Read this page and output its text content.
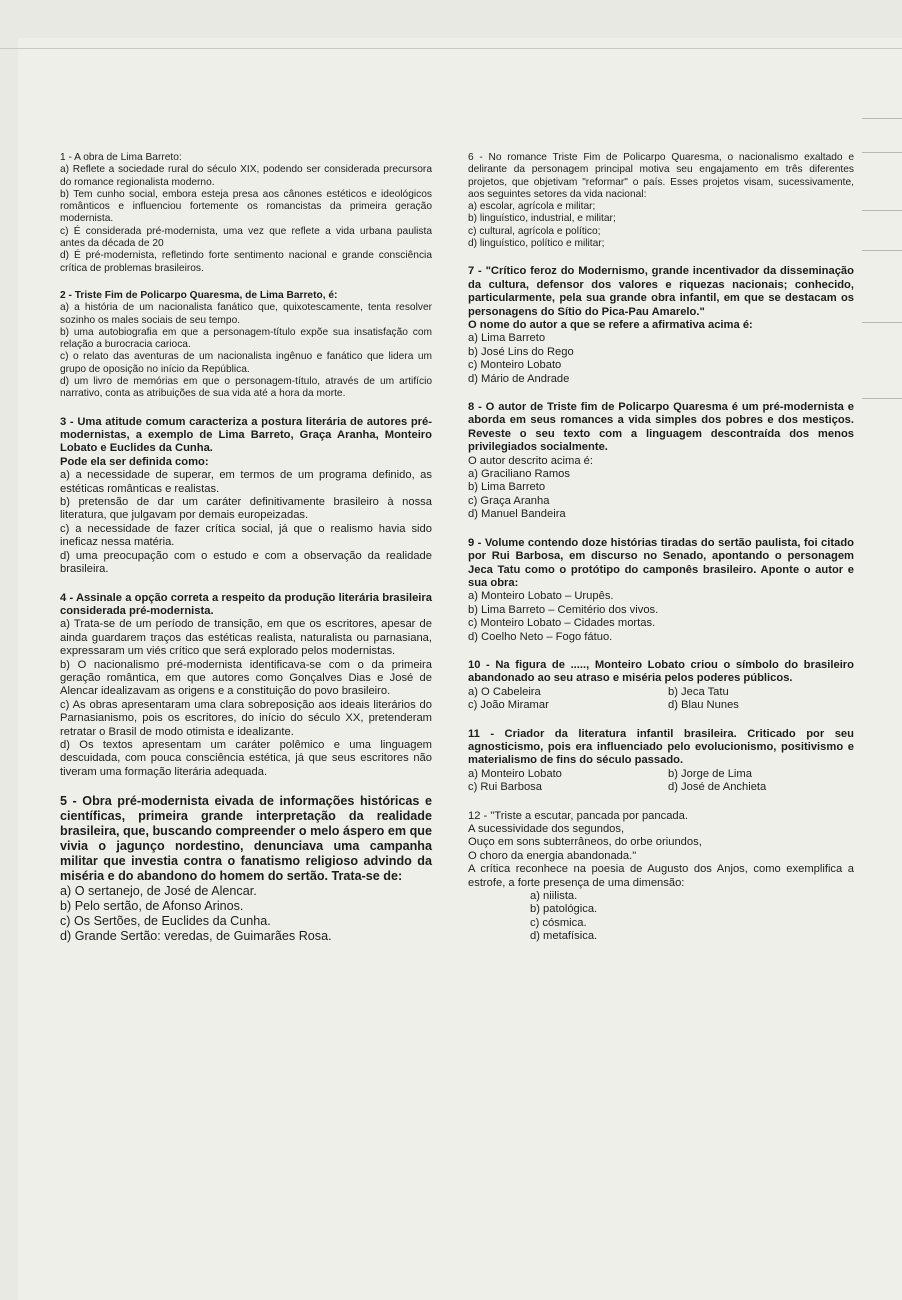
1 - A obra de Lima Barreto:

a) Reflete a sociedade rural do século XIX, podendo ser considerada precursora do romance regionalista moderno.

b) Tem cunho social, embora esteja presa aos cânones estéticos e ideológicos românticos e influenciou fortemente os romancistas da primeira geração modernista.

c) É considerada pré-modernista, uma vez que reflete a vida urbana paulista antes da década de 20

d) É pré-modernista, refletindo forte sentimento nacional e grande consciência crítica de problemas brasileiros.

2 - Triste Fim de Policarpo Quaresma, de Lima Barreto, é:

a) a história de um nacionalista fanático que, quixotescamente, tenta resolver sozinho os males sociais de seu tempo.

b) uma autobiografia em que a personagem-título expõe sua insatisfação com relação a burocracia carioca.

c) o relato das aventuras de um nacionalista ingênuo e fanático que lidera um grupo de oposição no início da República.

d) um livro de memórias em que o personagem-título, através de um artifício narrativo, conta as atribuições de sua vida até a hora da morte.

3 - Uma atitude comum caracteriza a postura literária de autores pré-modernistas, a exemplo de Lima Barreto, Graça Aranha, Monteiro Lobato e Euclides da Cunha.

Pode ela ser definida como:

a) a necessidade de superar, em termos de um programa definido, as estéticas românticas e realistas.

b) pretensão de dar um caráter definitivamente brasileiro à nossa literatura, que julgavam por demais europeizadas.

c) a necessidade de fazer crítica social, já que o realismo havia sido ineficaz nessa matéria.

d) uma preocupação com o estudo e com a observação da realidade brasileira.

4 - Assinale a opção correta a respeito da produção literária brasileira considerada pré-modernista.

a) Trata-se de um período de transição, em que os escritores, apesar de ainda guardarem traços das estéticas realista, naturalista ou parnasiana, expressaram um viés crítico que será explorado pelos modernistas.

b) O nacionalismo pré-modernista identificava-se com o da primeira geração romântica, em que autores como Gonçalves Dias e José de Alencar idealizavam as origens e a constituição do povo brasileiro.

c) As obras apresentaram uma clara sobreposição aos ideais literários do Parnasianismo, pois os escritores, do início do século XX, pretenderam retratar o Brasil de modo otimista e idealizante.

d) Os textos apresentam um caráter polêmico e uma linguagem descuidada, com pouca consciência estética, já que seus escritores não tiveram uma formação literária adequada.

5 - Obra pré-modernista eivada de informações históricas e científicas, primeira grande interpretação da realidade brasileira, que, buscando compreender o melo áspero em que vivia o jagunço nordestino, denunciava uma campanha militar que investia contra o fanatismo religioso advindo da miséria e do abandono do homem do sertão. Trata-se de:

a) O sertanejo, de José de Alencar.

b) Pelo sertão, de Afonso Arinos.

c) Os Sertões, de Euclides da Cunha.

d) Grande Sertão: veredas, de Guimarães Rosa.

6 - No romance Triste Fim de Policarpo Quaresma, o nacionalismo exaltado e delirante da personagem principal motiva seu engajamento em três diferentes projetos, que objetivam "reformar" o país. Esses projetos visam, sucessivamente, aos seguintes setores da vida nacional:

a) escolar, agrícola e militar;

b) linguístico, industrial, e militar;

c) cultural, agrícola e político;

d) linguístico, político e militar;

7 - "Crítico feroz do Modernismo, grande incentivador da disseminação da cultura, defensor dos valores e riquezas nacionais; conhecido, particularmente, pela sua grande obra infantil, em que se destacam os personagens do Sítio do Pica-Pau Amarelo."

O nome do autor a que se refere a afirmativa acima é:

a) Lima Barreto

b) José Lins do Rego

c) Monteiro Lobato

d) Mário de Andrade

8 - O autor de Triste fim de Policarpo Quaresma é um pré-modernista e aborda em seus romances a vida simples dos pobres e dos mestiços. Reveste o seu texto com a linguagem descontraída dos menos privilegiados socialmente.

O autor descrito acima é:

a) Graciliano Ramos

b) Lima Barreto

c) Graça Aranha

d) Manuel Bandeira

9 - Volume contendo doze histórias tiradas do sertão paulista, foi citado por Rui Barbosa, em discurso no Senado, apontando o personagem Jeca Tatu como o protótipo do camponês brasileiro. Aponte o autor e sua obra:

a) Monteiro Lobato – Urupês.

b) Lima Barreto – Cemitério dos vivos.

c) Monteiro Lobato – Cidades mortas.

d) Coelho Neto – Fogo fátuo.

10 - Na figura de ....., Monteiro Lobato criou o símbolo do brasileiro abandonado ao seu atraso e miséria pelos poderes públicos.

a) O Cabeleira	b) Jeca Tatu

c) João Miramar	d) Blau Nunes

11 - Criador da literatura infantil brasileira. Criticado por seu agnosticismo, pois era influenciado pelo evolucionismo, positivismo e materialismo de fins do século passado.

a) Monteiro Lobato	b) Jorge de Lima

c) Rui Barbosa	d) José de Anchieta

12 - "Triste a escutar, pancada por pancada.

A sucessividade dos segundos,

Ouço em sons subterrâneos, do orbe oriundos,

O choro da energia abandonada."

A crítica reconhece na poesia de Augusto dos Anjos, como exemplifica a estrofe, a forte presença de uma dimensão:

a) niilista.

b) patológica.

c) cósmica.

d) metafísica.
